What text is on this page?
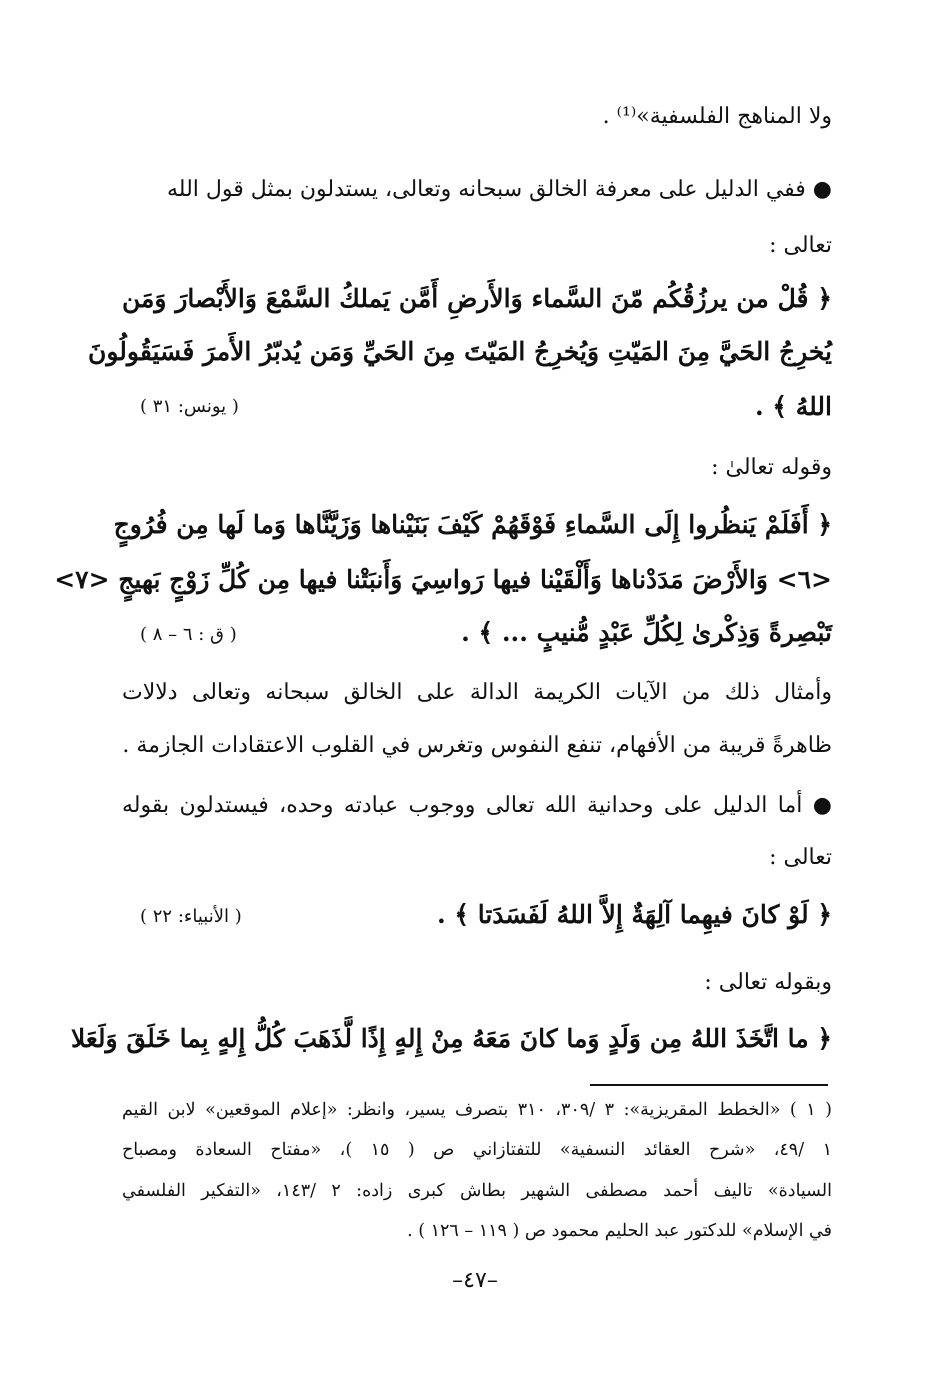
ولا المناهج الفلسفية»⁽¹⁾ .
● ففي الدليل على معرفة الخالق سبحانه وتعالى، يستدلون بمثل قول الله
تعالى :
﴿ قُلْ من يرزُقُكُم مّنَ السَّماء وَالأَرضِ أَمَّن يَملكُ السَّمْعَ وَالأَبْصارَ وَمَن
يُخرِجُ الحَيَّ مِنَ المَيّتِ وَيُخرِجُ المَيّتَ مِنَ الحَيِّ وَمَن يُدبّرُ الأَمرَ فَسَيَقُولُونَ
اللهُ ﴾ .
( يونس: ٣١ )
وقوله تعالىٰ :
﴿ أَفَلَمْ يَنظُروا إِلَى السَّماءِ فَوْقَهُمْ كَيْفَ بَنَيْناها وَزَيَّنَّاها وَما لَها مِن فُرُوجٍ
<٦> وَالأَرْضَ مَدَدْناها وَأَلْقَيْنا فيها رَواسِيَ وَأَنبَتْنا فيها مِن كُلِّ زَوْجٍ بَهيجٍ <٧>
تَبْصِرةً وَذِكْرىٰ لِكُلِّ عَبْدٍ مُّنيبٍ ... ﴾ .
( ق : ٦ – ٨ )
وأمثال ذلك من الآيات الكريمة الدالة على الخالق سبحانه وتعالى دلالات
ظاهرةً قريبة من الأفهام، تنفع النفوس وتغرس في القلوب الاعتقادات الجازمة .
● أما الدليل على وحدانية الله تعالى ووجوب عبادته وحده، فيستدلون بقوله
تعالى :
﴿ لَوْ كانَ فيهِما آلِهَةٌ إِلاَّ اللهُ لَفَسَدَتا ﴾ .
( الأنبياء: ٢٢ )
وبقوله تعالى :
﴿ ما اتَّخَذَ اللهُ مِن وَلَدٍ وَما كانَ مَعَهُ مِنْ إِلهٍ إِذًا لَّذَهَبَ كُلُّ إِلهٍ بِما خَلَقَ وَلَعَلا
( ١ ) «الخطط المقريزية»: ٣ /٣٠٩، ٣١٠ بتصرف يسير، وانظر: «إعلام الموقعين» لابن القيم
١ /٤٩، «شرح العقائد النسفية» للتفتازاني ص ( ١٥ )، «مفتاح السعادة ومصباح
السيادة» تاليف أحمد مصطفى الشهير بطاش كبرى زاده: ٢ /١٤٣، «التفكير الفلسفي
في الإسلام» للدكتور عبد الحليم محمود ص ( ١١٩ – ١٢٦ ) .
–٤٧–
